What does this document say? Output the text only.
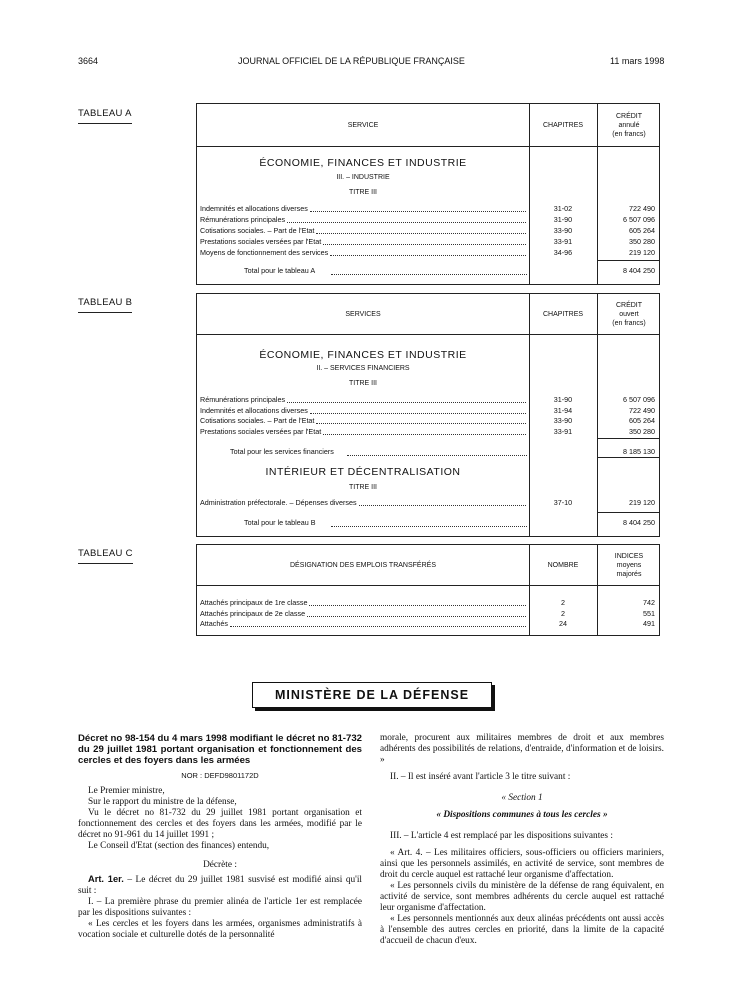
3664	JOURNAL OFFICIEL DE LA RÉPUBLIQUE FRANÇAISE	11 mars 1998
TABLEAU A
SERVICE	CHAPITRES
CRÉDIT
annulé
(en francs)
ÉCONOMIE, FINANCES ET INDUSTRIE
III. – INDUSTRIE
TITRE III
Indemnités et allocations diverses	31-02	722 490
Rémunérations principales	31-90	6 507 096
Cotisations sociales. – Part de l'Etat	33-90	605 264
Prestations sociales versées par l'Etat	33-91	350 280
Moyens de fonctionnement des services	34-96	219 120
Total pour le tableau A	8 404 250
TABLEAU B
SERVICES	CHAPITRES
CRÉDIT
ouvert
(en francs)
ÉCONOMIE, FINANCES ET INDUSTRIE
II. – SERVICES FINANCIERS
TITRE III
Rémunérations principales	31-90	6 507 096
Indemnités et allocations diverses	31-94	722 490
Cotisations sociales. – Part de l'Etat	33-90	605 264
Prestations sociales versées par l'Etat	33-91	350 280
Total pour les services financiers	8 185 130
INTÉRIEUR ET DÉCENTRALISATION
TITRE III
Administration préfectorale. – Dépenses diverses	37-10	219 120
Total pour le tableau B	8 404 250
TABLEAU C
DÉSIGNATION DES EMPLOIS TRANSFÉRÉS	NOMBRE
INDICES
moyens
majorés
Attachés principaux de 1re classe	2	742
Attachés principaux de 2e classe	2	551
Attachés	24	491
MINISTÈRE DE LA DÉFENSE

Décret no 98-154 du 4 mars 1998 modifiant le décret no 81-732 du 29 juillet 1981 portant organisation et fonctionnement des cercles et des foyers dans les armées

NOR : DEFD9801172D

Le Premier ministre,

Sur le rapport du ministre de la défense,

Vu le décret no 81-732 du 29 juillet 1981 portant organisation et fonctionnement des cercles et des foyers dans les armées, modifié par le décret no 91-961 du 14 juillet 1991 ;

Le Conseil d'Etat (section des finances) entendu,

Décrète :

Art. 1er. – Le décret du 29 juillet 1981 susvisé est modifié ainsi qu'il suit :

I. – La première phrase du premier alinéa de l'article 1er est remplacée par les dispositions suivantes :

« Les cercles et les foyers dans les armées, organismes administratifs à vocation sociale et culturelle dotés de la personnalité

morale, procurent aux militaires membres de droit et aux membres adhérents des possibilités de relations, d'entraide, d'information et de loisirs. »

II. – Il est inséré avant l'article 3 le titre suivant :

« Section 1

« Dispositions communes à tous les cercles »

III. – L'article 4 est remplacé par les dispositions suivantes :

« Art. 4. – Les militaires officiers, sous-officiers ou officiers mariniers, ainsi que les personnels assimilés, en activité de service, sont membres de droit du cercle auquel est rattaché leur organisme d'affectation.

« Les personnels civils du ministère de la défense de rang équivalent, en activité de service, sont membres adhérents du cercle auquel est rattaché leur organisme d'affectation.

« Les personnels mentionnés aux deux alinéas précédents ont aussi accès à l'ensemble des autres cercles en priorité, dans la limite de la capacité d'accueil de chacun d'eux.
